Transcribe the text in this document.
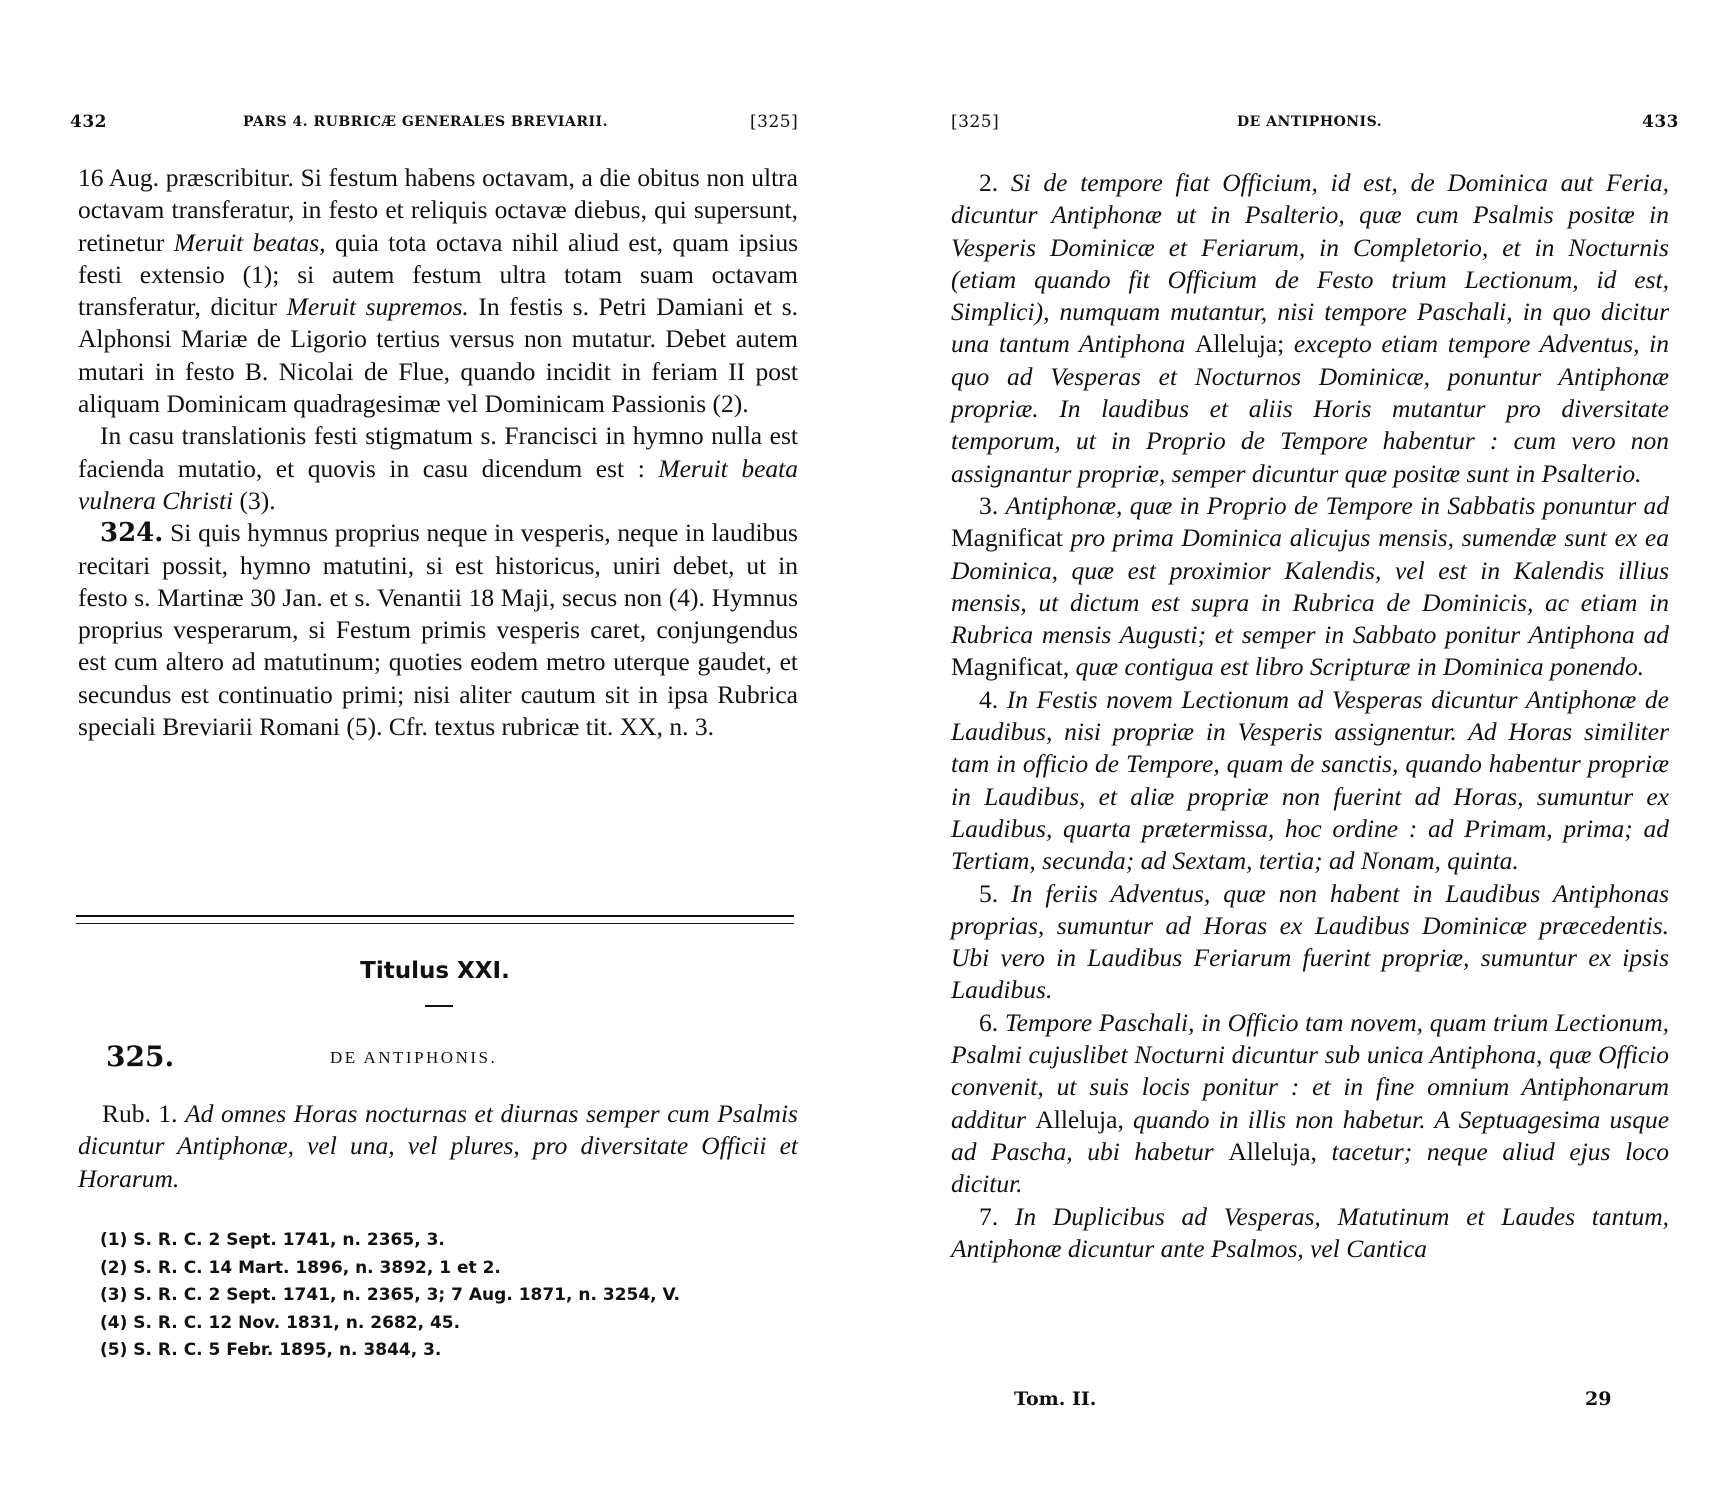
432	PARS 4. RUBRICÆ GENERALES BREVIARII.	[325]

16 Aug. præscribitur. Si festum habens octavam, a die obitus non ultra octavam transferatur, in festo et reliquis octavæ diebus, qui supersunt, retinetur Meruit beatas, quia tota octava nihil aliud est, quam ipsius festi extensio (1); si autem festum ultra totam suam octavam transferatur, dicitur Meruit supremos. In festis s. Petri Damiani et s. Alphonsi Mariæ de Ligorio tertius versus non mutatur. Debet autem mutari in festo B. Nicolai de Flue, quando incidit in feriam II post aliquam Dominicam quadragesimæ vel Dominicam Passionis (2).

In casu translationis festi stigmatum s. Francisci in hymno nulla est facienda mutatio, et quovis in casu dicendum est : Meruit beata vulnera Christi (3).

324. Si quis hymnus proprius neque in vesperis, neque in laudibus recitari possit, hymno matutini, si est historicus, uniri debet, ut in festo s. Martinæ 30 Jan. et s. Venantii 18 Maji, secus non (4). Hymnus proprius vesperarum, si Festum primis vesperis caret, conjungendus est cum altero ad matutinum; quoties eodem metro uterque gaudet, et secundus est continuatio primi; nisi aliter cautum sit in ipsa Rubrica speciali Breviarii Romani (5). Cfr. textus rubricæ tit. XX, n. 3.

Titulus XXI.
325.	DE ANTIPHONIS.

Rub. 1. Ad omnes Horas nocturnas et diurnas semper cum Psalmis dicuntur Antiphonæ, vel una, vel plures, pro diversitate Officii et Horarum.

(1) S. R. C. 2 Sept. 1741, n. 2365, 3.
(2) S. R. C. 14 Mart. 1896, n. 3892, 1 et 2.
(3) S. R. C. 2 Sept. 1741, n. 2365, 3; 7 Aug. 1871, n. 3254, V.
(4) S. R. C. 12 Nov. 1831, n. 2682, 45.
(5) S. R. C. 5 Febr. 1895, n. 3844, 3.
[325]	DE ANTIPHONIS.	433

2. Si de tempore fiat Officium, id est, de Dominica aut Feria, dicuntur Antiphonæ ut in Psalterio, quæ cum Psalmis positæ in Vesperis Dominicæ et Feriarum, in Completorio, et in Nocturnis (etiam quando fit Officium de Festo trium Lectionum, id est, Simplici), numquam mutantur, nisi tempore Paschali, in quo dicitur una tantum Antiphona Alleluja; excepto etiam tempore Adventus, in quo ad Vesperas et Nocturnos Dominicæ, ponuntur Antiphonæ propriæ. In laudibus et aliis Horis mutantur pro diversitate temporum, ut in Proprio de Tempore habentur : cum vero non assignantur propriæ, semper dicuntur quæ positæ sunt in Psalterio.

3. Antiphonæ, quæ in Proprio de Tempore in Sabbatis ponuntur ad Magnificat pro prima Dominica alicujus mensis, sumendæ sunt ex ea Dominica, quæ est proximior Kalendis, vel est in Kalendis illius mensis, ut dictum est supra in Rubrica de Dominicis, ac etiam in Rubrica mensis Augusti; et semper in Sabbato ponitur Antiphona ad Magnificat, quæ contigua est libro Scripturæ in Dominica ponendo.

4. In Festis novem Lectionum ad Vesperas dicuntur Antiphonæ de Laudibus, nisi propriæ in Vesperis assignentur. Ad Horas similiter tam in officio de Tempore, quam de sanctis, quando habentur propriæ in Laudibus, et aliæ propriæ non fuerint ad Horas, sumuntur ex Laudibus, quarta prætermissa, hoc ordine : ad Primam, prima; ad Tertiam, secunda; ad Sextam, tertia; ad Nonam, quinta.

5. In feriis Adventus, quæ non habent in Laudibus Antiphonas proprias, sumuntur ad Horas ex Laudibus Dominicæ præcedentis. Ubi vero in Laudibus Feriarum fuerint propriæ, sumuntur ex ipsis Laudibus.

6. Tempore Paschali, in Officio tam novem, quam trium Lectionum, Psalmi cujuslibet Nocturni dicuntur sub unica Antiphona, quæ Officio convenit, ut suis locis ponitur : et in fine omnium Antiphonarum additur Alleluja, quando in illis non habetur. A Septuagesima usque ad Pascha, ubi habetur Alleluja, tacetur; neque aliud ejus loco dicitur.

7. In Duplicibus ad Vesperas, Matutinum et Laudes tantum, Antiphonæ dicuntur ante Psalmos, vel Cantica

Tom. II.	29
